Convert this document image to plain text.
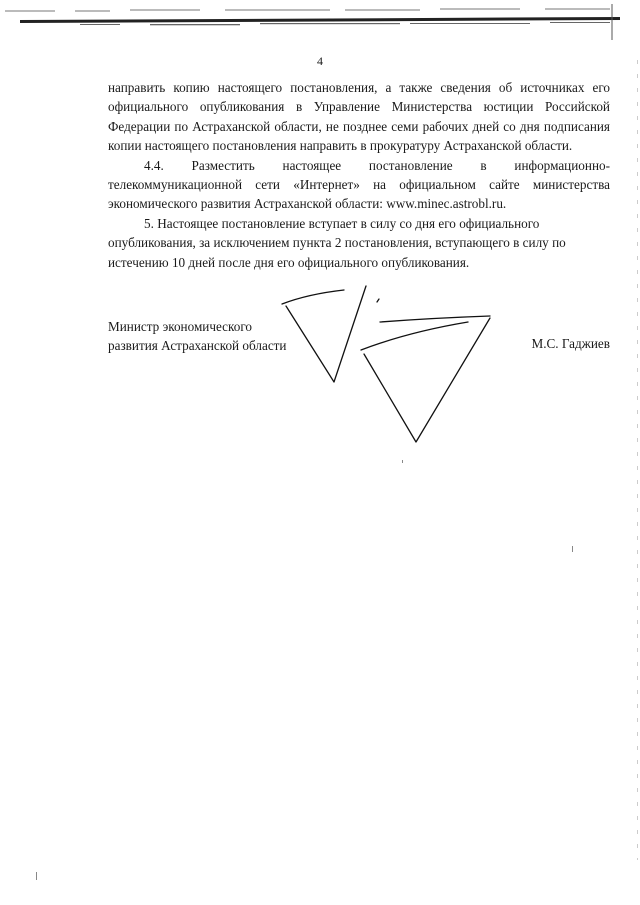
4

направить копию настоящего постановления, а также сведения об источниках его официального опубликования в Управление Министерства юстиции Российской Федерации по Астраханской области, не позднее семи рабочих дней со дня подписания копии настоящего постановления направить в прокуратуру Астраханской области.

4.4. Разместить настоящее постановление в информационно-телекоммуникационной сети «Интернет» на официальном сайте министерства экономического развития Астраханской области: www.minec.astrobl.ru.

5. Настоящее постановление вступает в силу со дня его официального опубликования, за исключением пункта 2 постановления, вступающего в силу по истечению 10 дней после дня его официального опубликования.

Министр экономического
развития Астраханской области	М.С. Гаджиев
